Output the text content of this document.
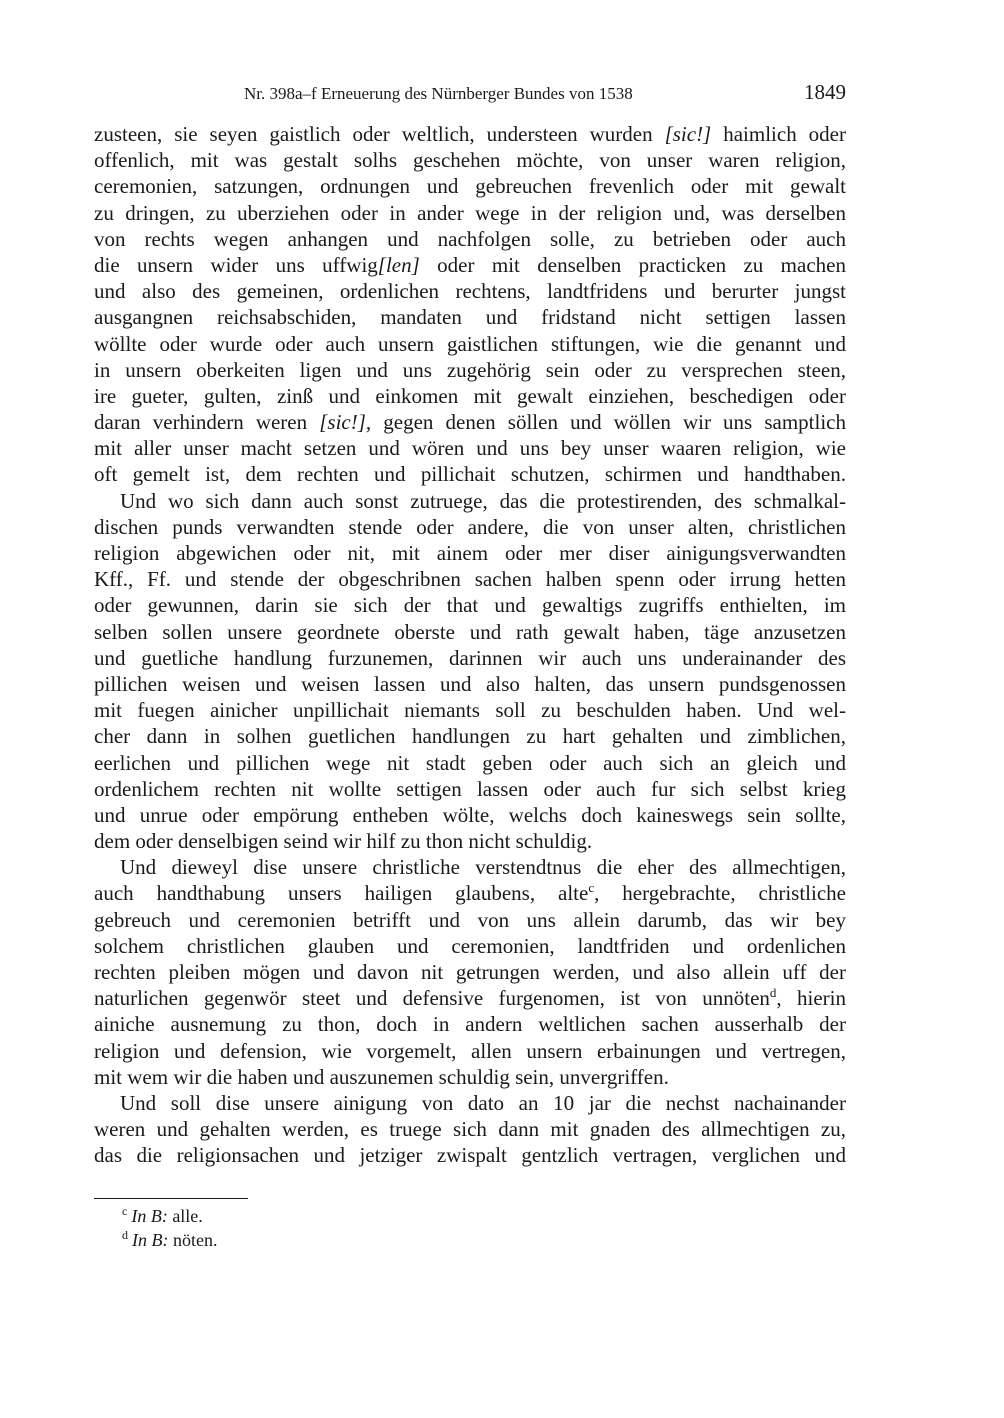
Nr. 398a–f Erneuerung des Nürnberger Bundes von 1538	1849
zusteen, sie seyen gaistlich oder weltlich, understeen wurden [sic!] haimlich oder
offenlich, mit was gestalt solhs geschehen möchte, von unser waren religion,
ceremonien, satzungen, ordnungen und gebreuchen frevenlich oder mit gewalt
zu dringen, zu uberziehen oder in ander wege in der religion und, was derselben
von rechts wegen anhangen und nachfolgen solle, zu betrieben oder auch
die unsern wider uns uffwig[len] oder mit denselben practicken zu machen
und also des gemeinen, ordenlichen rechtens, landtfridens und berurter jungst
ausgangnen reichsabschiden, mandaten und fridstand nicht settigen lassen
wöllte oder wurde oder auch unsern gaistlichen stiftungen, wie die genannt und
in unsern oberkeiten ligen und uns zugehörig sein oder zu versprechen steen,
ire gueter, gulten, zinß und einkomen mit gewalt einziehen, beschedigen oder
daran verhindern weren [sic!], gegen denen söllen und wöllen wir uns samptlich
mit aller unser macht setzen und wören und uns bey unser waaren religion, wie
oft gemelt ist, dem rechten und pillichait schutzen, schirmen und handthaben.
Und wo sich dann auch sonst zutruege, das die protestirenden, des schmalkal-
dischen punds verwandten stende oder andere, die von unser alten, christlichen
religion abgewichen oder nit, mit ainem oder mer diser ainigungsverwandten
Kff., Ff. und stende der obgeschribnen sachen halben spenn oder irrung hetten
oder gewunnen, darin sie sich der that und gewaltigs zugriffs enthielten, im
selben sollen unsere geordnete oberste und rath gewalt haben, täge anzusetzen
und guetliche handlung furzunemen, darinnen wir auch uns underainander des
pillichen weisen und weisen lassen und also halten, das unsern pundsgenossen
mit fuegen ainicher unpillichait niemants soll zu beschulden haben. Und wel-
cher dann in solhen guetlichen handlungen zu hart gehalten und zimblichen,
eerlichen und pillichen wege nit stadt geben oder auch sich an gleich und
ordenlichem rechten nit wollte settigen lassen oder auch fur sich selbst krieg
und unrue oder empörung entheben wölte, welchs doch kaineswegs sein sollte,
dem oder denselbigen seind wir hilf zu thon nicht schuldig.
Und dieweyl dise unsere christliche verstendtnus die eher des allmechtigen,
auch handthabung unsers hailigen glaubens, alte$^c$, hergebrachte, christliche
gebreuch und ceremonien betrifft und von uns allein darumb, das wir bey
solchem christlichen glauben und ceremonien, landtfriden und ordenlichen
rechten pleiben mögen und davon nit getrungen werden, und also allein uff der
naturlichen gegenwör steet und defensive furgenomen, ist von unnöten$^d$, hierin
ainiche ausnemung zu thon, doch in andern weltlichen sachen ausserhalb der
religion und defension, wie vorgemelt, allen unsern erbainungen und vertregen,
mit wem wir die haben und auszunemen schuldig sein, unvergriffen.
Und soll dise unsere ainigung von dato an 10 jar die nechst nachainander
weren und gehalten werden, es truege sich dann mit gnaden des allmechtigen zu,
das die religionsachen und jetziger zwispalt gentzlich vertragen, verglichen und
$^c$ In B: alle.
$^d$ In B: nöten.
